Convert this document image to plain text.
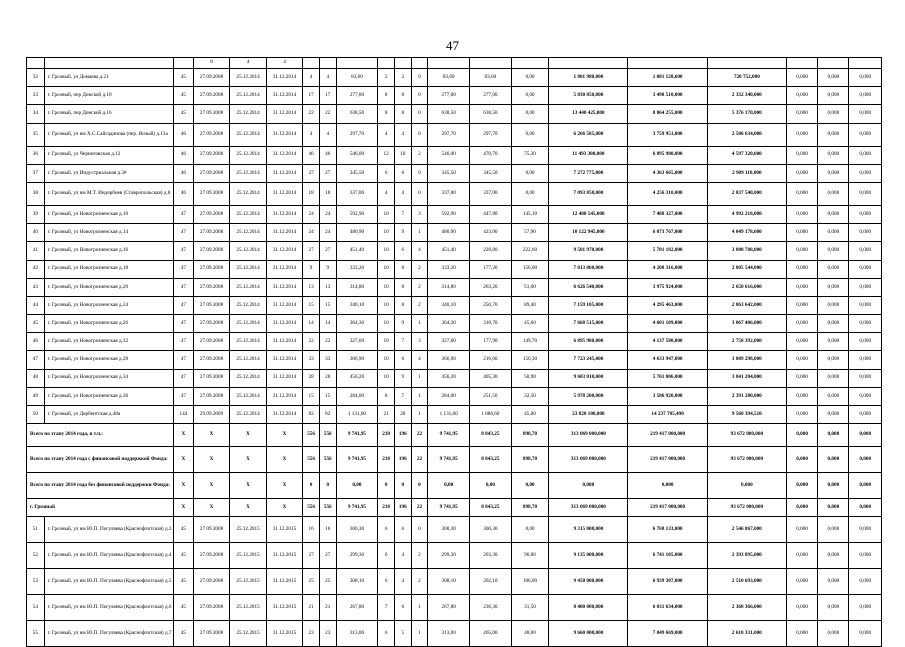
47
			8	4	4															
32	г. Грозный, ул Домаева д.21	45	27.09.2008	25.12.2014	31.12.2014	4	4	83,60	2	2	0	83,60	83,60	0,00	1 801 980,000	1 081 128,600	720 752,000	0,000	0,000	0,000
33	г. Грозный, пер Донской д.10	45	27.09.2008	25.12.2014	31.12.2014	17	17	277,00	8	8	0	277,00	277,00	0,00	5 830 850,000	3 498 510,000	2 332 340,000	0,000	0,000	0,000
34	г. Грозный, пер Донской д.16	45	27.09.2008	25.12.2014	31.12.2014	22	22	638,50	8	8	0	638,50	638,50	0,00	13 440 425,000	8 064 255,000	5 376 170,000	0,000	0,000	0,000
35	г. Грозный, ул им Х.С.Сайгадинова (пер. Ясный) д.13а	46	27.09.2008	25.12.2014	31.12.2014	4	4	297,70	4	4	0	297,70	297,70	0,00	6 266 585,000	3 759 951,000	2 506 634,000	0,000	0,000	0,000
36	г. Грозный, ул Черниговская д.12	46	27.09.2008	25.12.2014	31.12.2014	46	46	546,00	12	10	2	546,00	470,70	75,30	11 493 300,000	6 895 980,000	4 597 320,000	0,000	0,000	0,000
37	г. Грозный, ул Индустриальная д.3#	46	27.09.2008	25.12.2014	31.12.2014	27	27	345,50	6	6	0	345,50	345,50	0,00	7 272 775,000	4 363 665,000	2 909 110,000	0,000	0,000	0,000
38	г. Грозный, ул им М.Т. Индербиев (Ставропольская) д.8	46	27.09.2008	25.12.2014	31.12.2014	18	18	337,00	4	4	0	337,00	337,00	0,00	7 093 850,000	4 256 310,000	2 837 540,000	0,000	0,000	0,000
39	г. Грозный, ул Новогрозненская д.10	47	27.09.2008	25.12.2014	31.12.2014	24	24	592,90	10	7	3	592,90	447,80	145,10	12 480 545,000	7 488 327,000	4 992 218,000	0,000	0,000	0,000
40	г. Грозный, ул Новогрозненская д.14	47	27.09.2008	25.12.2014	31.12.2014	24	24	480,90	10	9	1	480,90	423,00	57,90	10 122 945,000	6 073 767,000	4 049 178,000	0,000	0,000	0,000
41	г. Грозный, ул Новогрозненская д.16	47	27.09.2008	25.12.2014	31.12.2014	27	27	451,40	10	6	4	451,40	228,80	222,60	9 501 970,000	5 701 182,000	3 800 788,000	0,000	0,000	0,000
42	г. Грозный, ул Новогрозненская д.18	47	27.09.2008	25.12.2014	31.12.2014	9	9	333,20	10	8	2	333,20	177,20	156,00	7 013 860,000	4 208 316,000	2 805 544,000	0,000	0,000	0,000
43	г. Грозный, ул Новогрозненская д.20	47	27.09.2008	25.12.2014	31.12.2014	13	13	314,80	10	8	2	314,80	263,20	51,60	6 626 540,000	3 975 924,000	2 650 616,000	0,000	0,000	0,000
44	г. Грозный, ул Новогрозненская д.24	47	27.09.2008	25.12.2014	31.12.2014	15	15	340,10	10	8	2	340,10	250,70	89,40	7 159 105,000	4 295 463,000	2 863 642,000	0,000	0,000	0,000
45	г. Грозный, ул Новогрозненская д.26	47	27.09.2008	25.12.2014	31.12.2014	14	14	364,30	10	9	1	364,30	318,70	45,60	7 668 515,000	4 601 109,000	3 067 406,000	0,000	0,000	0,000
46	г. Грозный, ул Новогрозненская д.32	47	27.09.2008	25.12.2014	31.12.2014	22	22	327,60	10	7	3	327,60	177,90	149,70	6 895 980,000	4 137 588,000	2 758 392,000	0,000	0,000	0,000
47	г. Грозный, ул Новогрозненская д.28	47	27.09.2008	25.12.2014	31.12.2014	33	33	366,90	10	6	4	366,90	216,60	150,30	7 723 245,000	4 633 947,000	3 089 298,000	0,000	0,000	0,000
48	г. Грозный, ул Новогрозненская д.34	47	27.09.2008	25.12.2014	31.12.2014	28	28	456,20	10	9	1	456,20	405,30	50,90	9 603 010,000	5 761 806,000	3 841 204,000	0,000	0,000	0,000
49	г. Грозный, ул Новогрозненская д.36	47	27.09.2008	25.12.2014	31.12.2014	15	15	284,00	8	7	1	284,00	251,50	32,50	5 978 200,000	3 586 920,000	2 391 280,000	0,000	0,000	0,000
50	г. Грозный, ул Дербентская д.48а	144	29.09.2009	25.12.2014	31.12.2014	82	82	1 131,60	21	20	1	1 131,60	1 086,60	45,00	23 820 180,000	14 237 785,490	9 560 394,510	0,000	0,000	0,000
Всего по этапу 2014 года, в т.ч.:		X	X	X	X	556	556	9 741,95	218	196	22	9 741,95	8 843,25	898,70	313 069 000,000	219 417 000,000	93 672 000,000	0,000	0,000	0,000
Всего по этапу 2014 года с финансовой поддержкой Фонда:		X	X	X	X	556	556	9 741,95	218	196	22	9 741,95	8 843,25	898,70	313 069 000,000	219 417 000,000	93 672 000,000	0,000	0,000	0,000
Всего по этапу 2014 года без финансовой поддержки Фонда:		X	X	X	X	0	0	0,00	0	0	0	0,00	0,00	0,00	0,000	0,000	0,000	0,000	0,000	0,000
г. Грозный		X	X	X	X	556	556	9 741,95	218	196	22	9 741,95	8 843,25	898,70	313 069 000,000	219 417 000,000	93 672 000,000	0,000	0,000	0,000
51	г. Грозный, ул им Ю.П. Погуляева (Краснофлотская) д.3	45	27.09.2008	25.12.2015	31.12.2015	16	16	300,30	6	6	0	300,30	300,30	0,00	9 315 000,000	6 768 133,000	2 546 867,000	0,000	0,000	0,000
52	г. Грозный, ул им Ю.П. Погуляева (Краснофлотская) д.4	45	27.09.2008	25.12.2015	31.12.2015	27	27	299,30	6	4	2	299,30	203,30	96,00	9 135 000,000	6 741 105,000	2 393 895,000	0,000	0,000	0,000
53	г. Грозный, ул им Ю.П. Погуляева (Краснофлотская) д.5	45	27.09.2008	25.12.2015	31.12.2015	25	25	308,10	6	4	2	308,10	202,10	106,00	9 450 000,000	6 939 307,000	2 510 693,000	0,000	0,000	0,000
54	г. Грозный, ул им Ю.П. Погуляева (Краснофлотская) д.6	45	27.09.2008	25.12.2015	31.12.2015	21	21	267,80	7	6	1	267,80	236,30	31,50	8 400 000,000	6 031 634,000	2 368 366,000	0,000	0,000	0,000
55	г. Грозный, ул им Ю.П. Погуляева (Краснофлотская) д.7	45	27.09.2008	25.12.2015	31.12.2015	23	23	313,00	6	5	1	313,00	265,00	48,00	9 660 000,000	7 049 669,000	2 610 331,000	0,000	0,000	0,000
